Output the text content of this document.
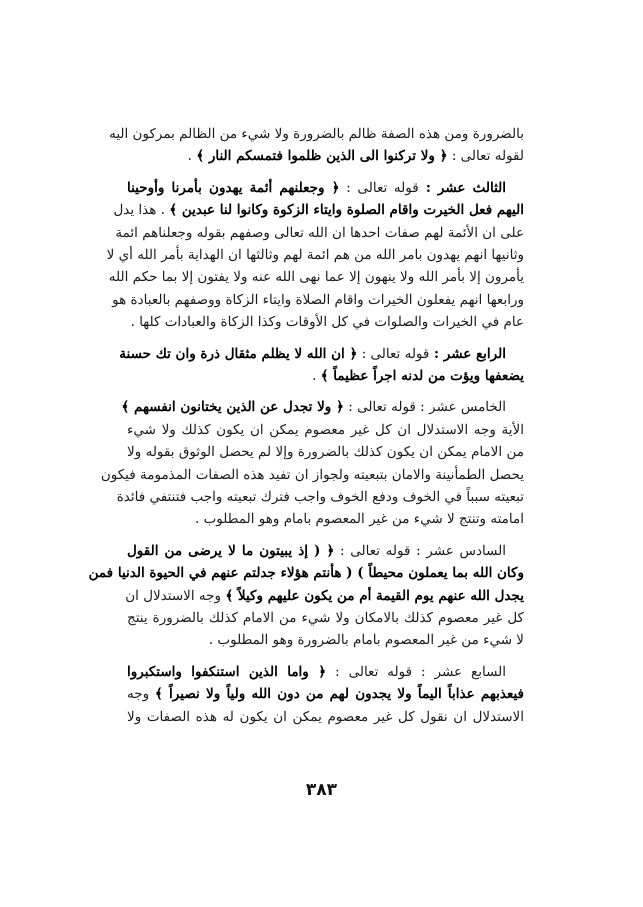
بالضرورة ومن هذه الصفة ظالم بالضرورة ولا شيء من الظالم بمركون اليه
لقوله تعالى : ﴿ ولا تركنوا الى الذين ظلموا فتمسكم النار ﴾ .
الثالث عشر : قوله تعالى : ﴿ وجعلنهم أئمة يهدون بأمرنا وأوحينا
اليهم فعل الخيرت واقام الصلوة وايتاء الزكوة وكانوا لنا عبدين ﴾ . هذا يدل
على ان الأئمة لهم صفات احدها ان الله تعالى وصفهم بقوله وجعلناهم ائمة
وثانيها انهم يهدون بامر الله من هم ائمة لهم وثالثها ان الهداية بأمر الله أي لا
يأمرون إلا بأمر الله ولا ينهون إلا عما نهى الله عنه ولا يفتون إلا بما حكم الله
ورابعها انهم يفعلون الخيرات واقام الصلاة وايتاء الزكاة ووصفهم بالعبادة هو
عام في الخيرات والصلوات في كل الأوقات وكذا الزكاة والعبادات كلها .
الرابع عشر : قوله تعالى : ﴿ ان الله لا يظلم مثقال ذرة وان تك حسنة
يضعفها ويؤت من لدنه اجراً عظيماً ﴾ .
الخامس عشر : قوله تعالى : ﴿ ولا تجدل عن الذين يختانون انفسهم ﴾
الأية وجه الاستدلال ان كل غير معصوم يمكن ان يكون كذلك ولا شيء
من الامام يمكن ان يكون كذلك بالضرورة وإلا لم يحصل الوثوق بقوله ولا
يحصل الطمأنينة والامان بتبعيته ولجواز ان تفيد هذه الصفات المذمومة فيكون
تبعيته سبباً في الخوف ودفع الخوف واجب فترك تبعيته واجب فتنتفي فائدة
امامته وتنتج لا شيء من غير المعصوم بامام وهو المطلوب .
السادس عشر : قوله تعالى : ﴿ ( إذ يبيتون ما لا يرضى من القول
وكان الله بما يعملون محيطاً ) ( هأنتم هؤلاء جدلتم عنهم في الحيوة الدنيا فمن
يجدل الله عنهم يوم القيمة أم من يكون عليهم وكيلاً ﴾ وجه الاستدلال ان
كل غير معصوم كذلك بالامكان ولا شيء من الامام كذلك بالضرورة ينتج
لا شيء من غير المعصوم بامام بالضرورة وهو المطلوب .
السابع عشر : قوله تعالى : ﴿ واما الذين استنكفوا واستكبروا
فيعذبهم عذاباً اليماً ولا يجدون لهم من دون الله ولياً ولا نصيراً ﴾ وجه
الاستدلال ان نقول كل غير معصوم يمكن ان يكون له هذه الصفات ولا
٣٨٣
